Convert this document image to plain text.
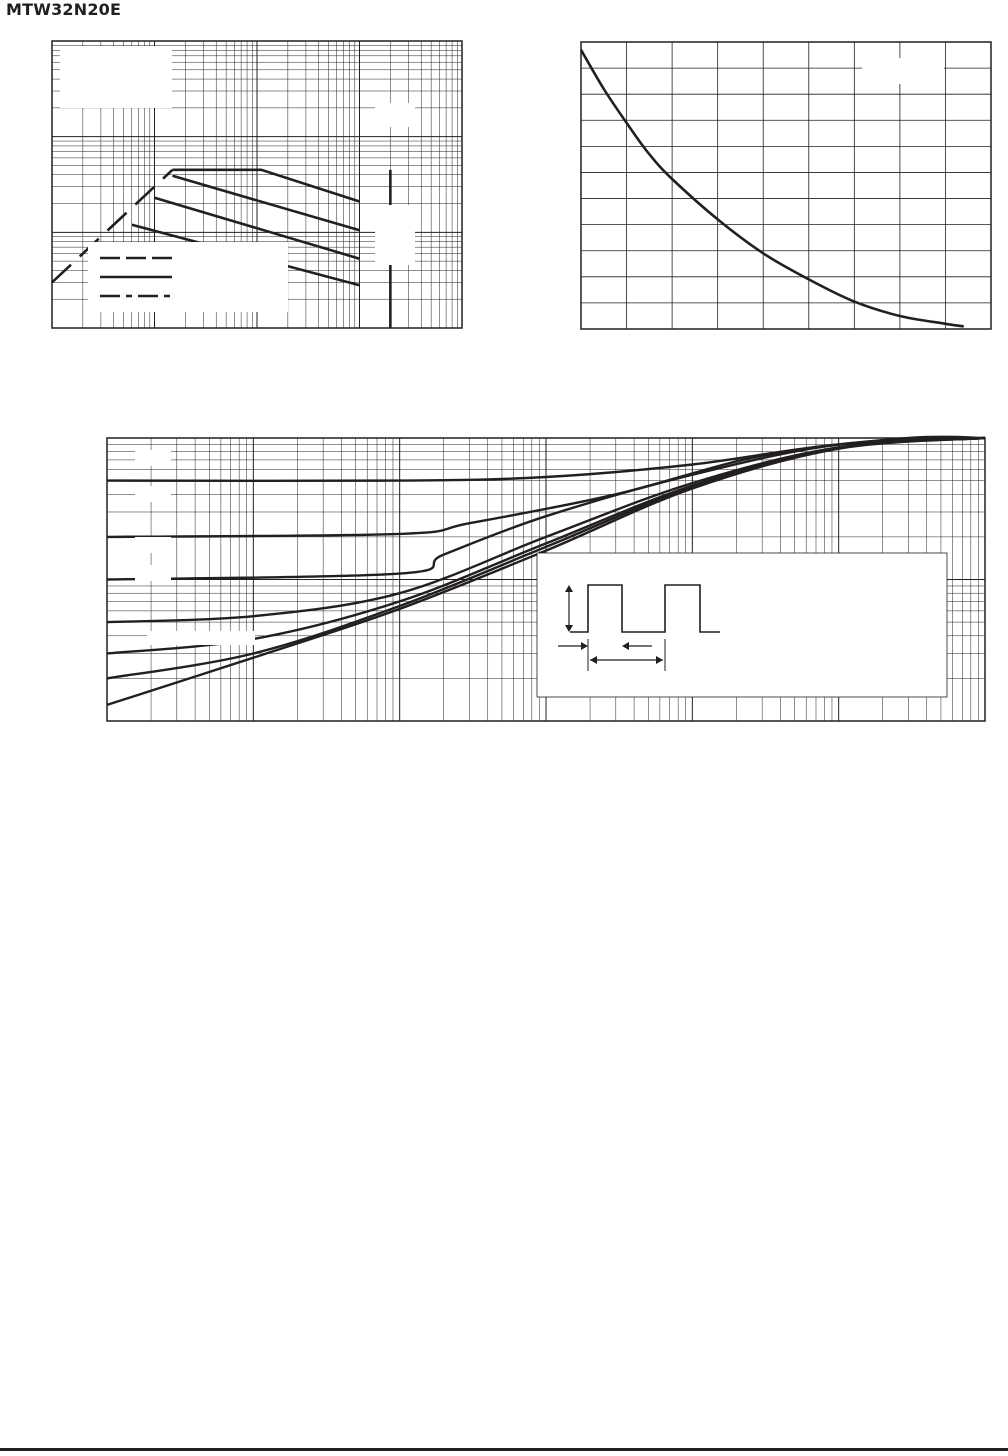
MTW32N20E
